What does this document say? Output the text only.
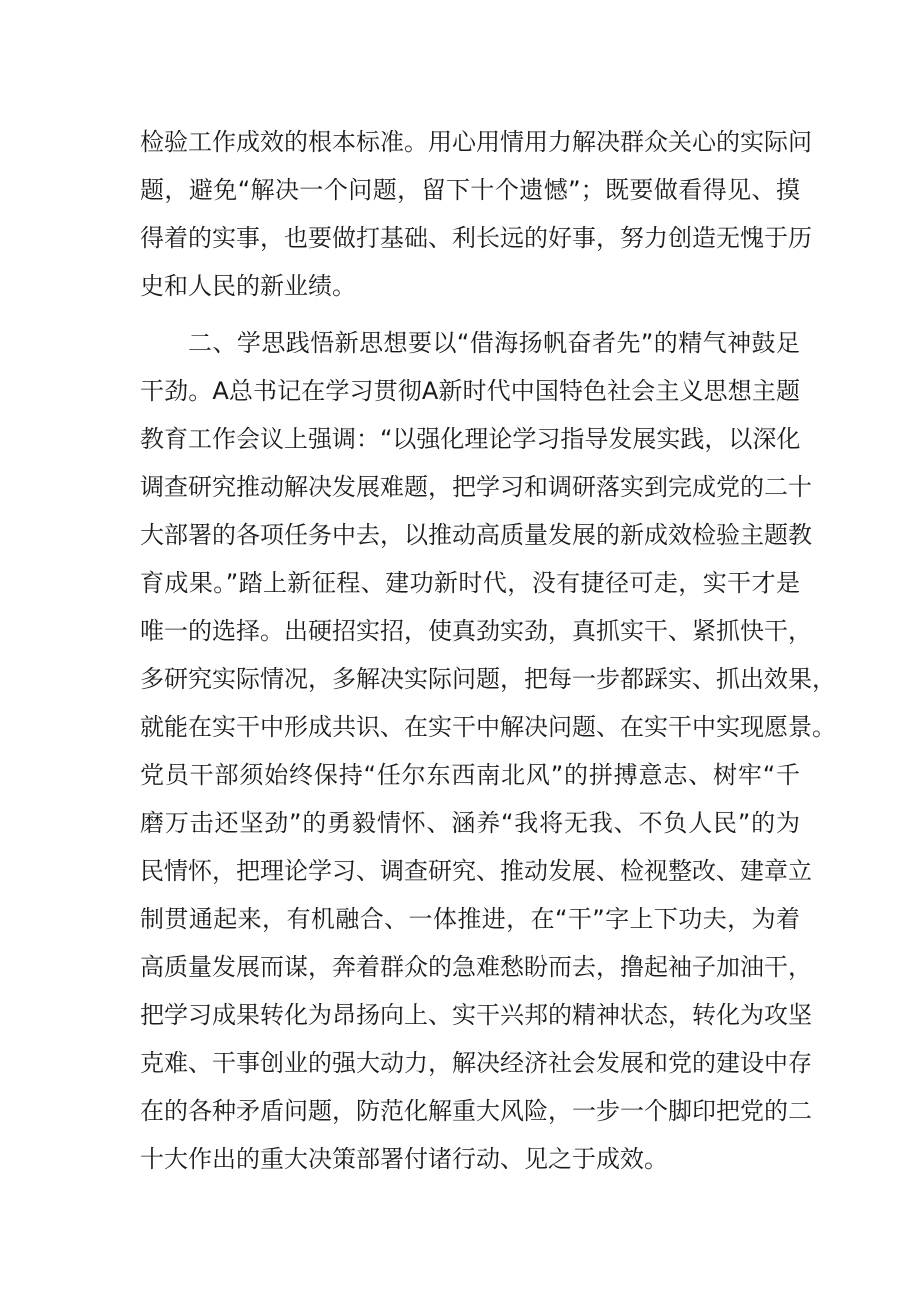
检验工作成效的根本标准。用心用情用力解决群众关心的实际问
题，避免“解决一个问题，留下十个遗憾”；既要做看得见、摸
得着的实事，也要做打基础、利长远的好事，努力创造无愧于历
史和人民的新业绩。
二、学思践悟新思想要以“借海扬帆奋者先”的精气神鼓足
干劲。A总书记在学习贯彻A新时代中国特色社会主义思想主题
教育工作会议上强调：“以强化理论学习指导发展实践，以深化
调查研究推动解决发展难题，把学习和调研落实到完成党的二十
大部署的各项任务中去，以推动高质量发展的新成效检验主题教
育成果。”踏上新征程、建功新时代，没有捷径可走，实干才是
唯一的选择。出硬招实招，使真劲实劲，真抓实干、紧抓快干，
多研究实际情况，多解决实际问题，把每一步都踩实、抓出效果，
就能在实干中形成共识、在实干中解决问题、在实干中实现愿景。
党员干部须始终保持“任尔东西南北风”的拼搏意志、树牢“千
磨万击还坚劲”的勇毅情怀、涵养“我将无我、不负人民”的为
民情怀，把理论学习、调查研究、推动发展、检视整改、建章立
制贯通起来，有机融合、一体推进，在“干”字上下功夫，为着
高质量发展而谋，奔着群众的急难愁盼而去，撸起袖子加油干，
把学习成果转化为昂扬向上、实干兴邦的精神状态，转化为攻坚
克难、干事创业的强大动力，解决经济社会发展和党的建设中存
在的各种矛盾问题，防范化解重大风险，一步一个脚印把党的二
十大作出的重大决策部署付诸行动、见之于成效。
